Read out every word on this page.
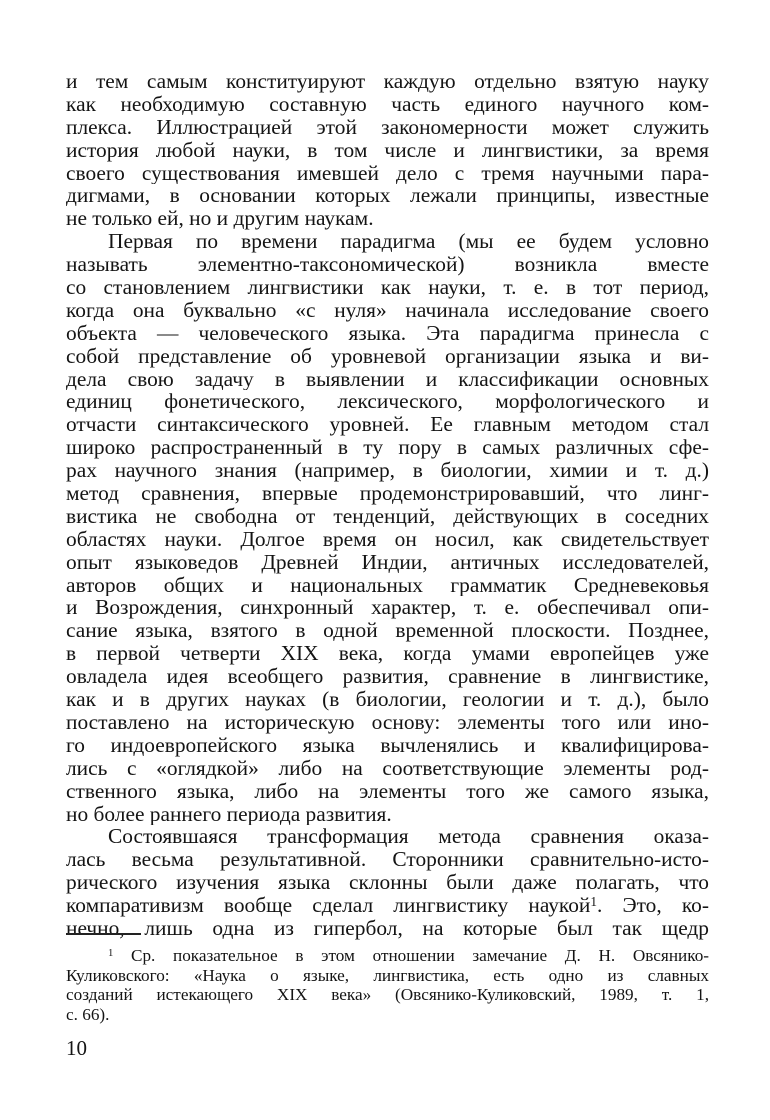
и тем самым конституируют каждую отдельно взятую науку
как необходимую составную часть единого научного ком-
плекса. Иллюстрацией этой закономерности может служить
история любой науки, в том числе и лингвистики, за время
своего существования имевшей дело с тремя научными пара-
дигмами, в основании которых лежали принципы, известные
не только ей, но и другим наукам.
Первая по времени парадигма (мы ее будем условно
называть элементно-таксономической) возникла вместе
со становлением лингвистики как науки, т. е. в тот период,
когда она буквально «с нуля» начинала исследование своего
объекта — человеческого языка. Эта парадигма принесла с
собой представление об уровневой организации языка и ви-
дела свою задачу в выявлении и классификации основных
единиц фонетического, лексического, морфологического и
отчасти синтаксического уровней. Ее главным методом стал
широко распространенный в ту пору в самых различных сфе-
рах научного знания (например, в биологии, химии и т. д.)
метод сравнения, впервые продемонстрировавший, что линг-
вистика не свободна от тенденций, действующих в соседних
областях науки. Долгое время он носил, как свидетельствует
опыт языковедов Древней Индии, античных исследователей,
авторов общих и национальных грамматик Средневековья
и Возрождения, синхронный характер, т. е. обеспечивал опи-
сание языка, взятого в одной временной плоскости. Позднее,
в первой четверти XIX века, когда умами европейцев уже
овладела идея всеобщего развития, сравнение в лингвистике,
как и в других науках (в биологии, геологии и т. д.), было
поставлено на историческую основу: элементы того или ино-
го индоевропейского языка вычленялись и квалифицирова-
лись с «оглядкой» либо на соответствующие элементы род-
ственного языка, либо на элементы того же самого языка,
но более раннего периода развития.
Состоявшаяся трансформация метода сравнения оказа-
лась весьма результативной. Сторонники сравнительно-исто-
рического изучения языка склонны были даже полагать, что
компаративизм вообще сделал лингвистику наукой$^1$. Это, ко-
нечно, лишь одна из гипербол, на которые был так щедр
$^1$ Ср. показательное в этом отношении замечание Д. Н. Овсянико-
Куликовского: «Наука о языке, лингвистика, есть одно из славных
созданий истекающего XIX века» (Овсянико-Куликовский, 1989, т. 1,
с. 66).
10
